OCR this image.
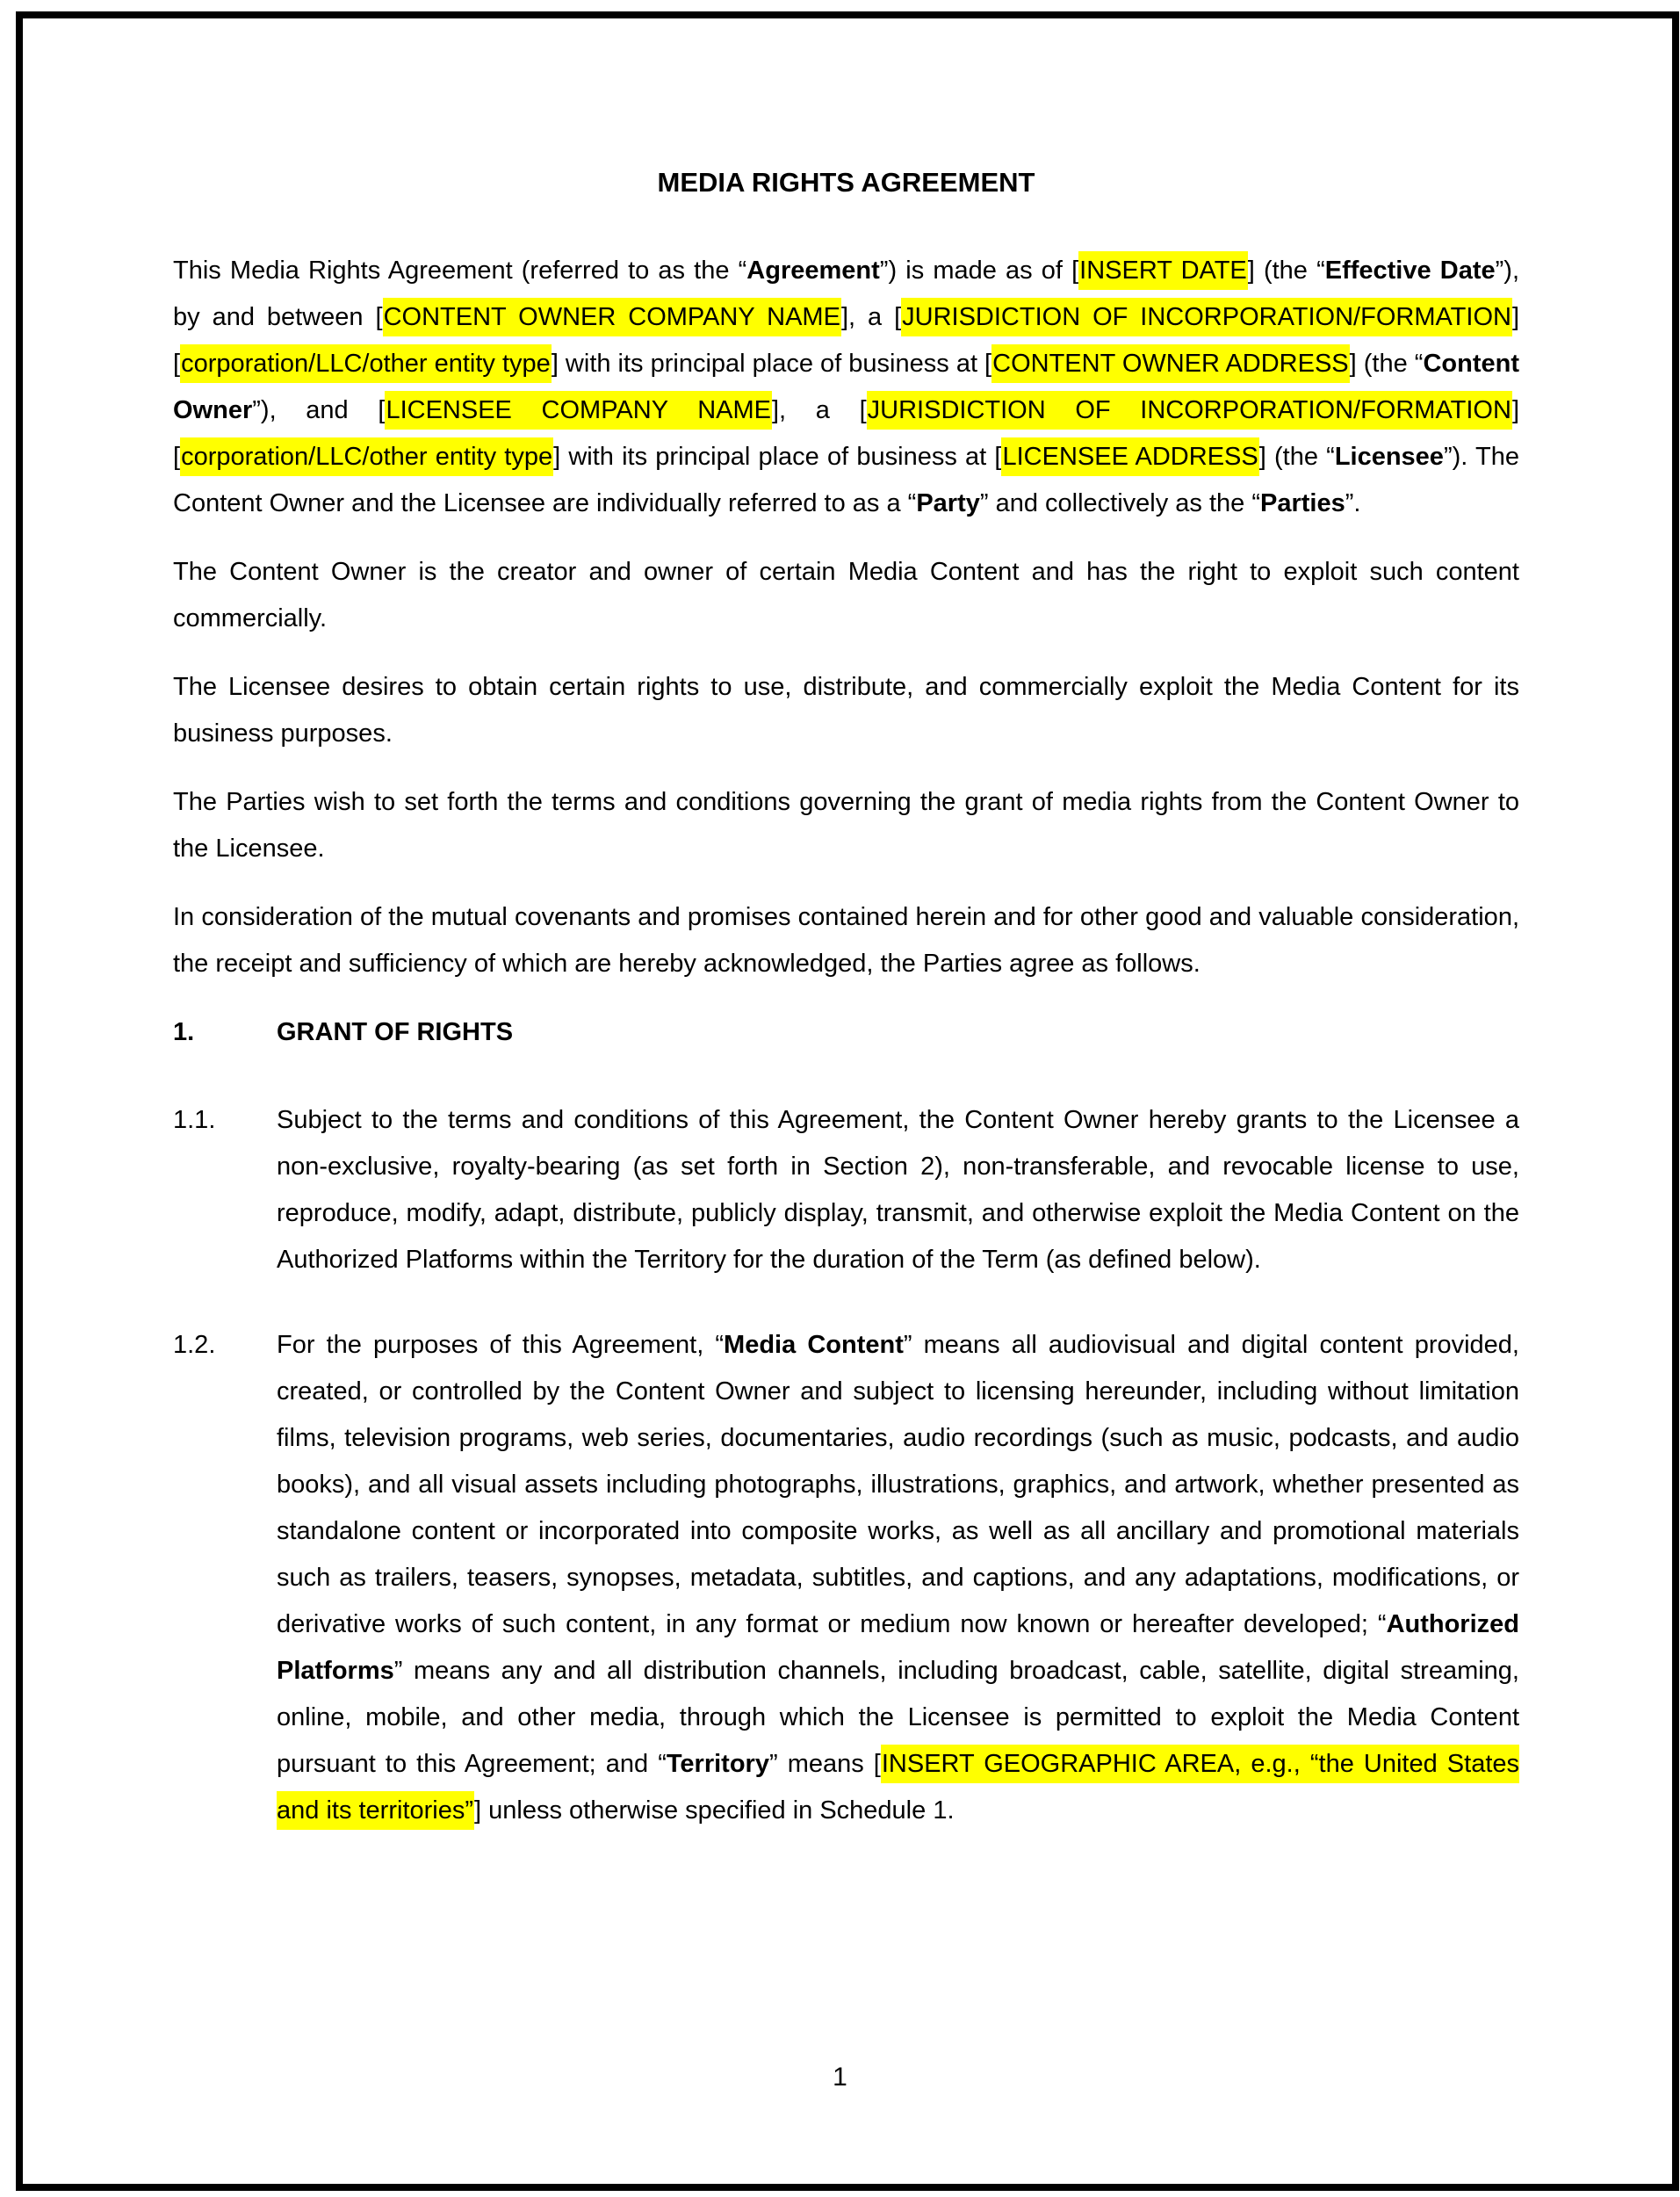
MEDIA RIGHTS AGREEMENT

This Media Rights Agreement (referred to as the “Agreement”) is made as of [INSERT DATE] (the “Effective Date”), by and between [CONTENT OWNER COMPANY NAME], a [JURISDICTION OF INCORPORATION/FORMATION] [corporation/LLC/other entity type] with its principal place of business at [CONTENT OWNER ADDRESS] (the “Content Owner”), and [LICENSEE COMPANY NAME], a [JURISDICTION OF INCORPORATION/FORMATION] [corporation/LLC/other entity type] with its principal place of business at [LICENSEE ADDRESS] (the “Licensee”). The Content Owner and the Licensee are individually referred to as a “Party” and collectively as the “Parties”.

The Content Owner is the creator and owner of certain Media Content and has the right to exploit such content commercially.

The Licensee desires to obtain certain rights to use, distribute, and commercially exploit the Media Content for its business purposes.

The Parties wish to set forth the terms and conditions governing the grant of media rights from the Content Owner to the Licensee.

In consideration of the mutual covenants and promises contained herein and for other good and valuable consideration, the receipt and sufficiency of which are hereby acknowledged, the Parties agree as follows.

1.	GRANT OF RIGHTS
1.1.	Subject to the terms and conditions of this Agreement, the Content Owner hereby grants to the Licensee a non-exclusive, royalty-bearing (as set forth in Section 2), non-transferable, and revocable license to use, reproduce, modify, adapt, distribute, publicly display, transmit, and otherwise exploit the Media Content on the Authorized Platforms within the Territory for the duration of the Term (as defined below).
1.2.	For the purposes of this Agreement, “Media Content” means all audiovisual and digital content provided, created, or controlled by the Content Owner and subject to licensing hereunder, including without limitation films, television programs, web series, documentaries, audio recordings (such as music, podcasts, and audio books), and all visual assets including photographs, illustrations, graphics, and artwork, whether presented as standalone content or incorporated into composite works, as well as all ancillary and promotional materials such as trailers, teasers, synopses, metadata, subtitles, and captions, and any adaptations, modifications, or derivative works of such content, in any format or medium now known or hereafter developed; “Authorized Platforms” means any and all distribution channels, including broadcast, cable, satellite, digital streaming, online, mobile, and other media, through which the Licensee is permitted to exploit the Media Content pursuant to this Agreement; and “Territory” means [INSERT GEOGRAPHIC AREA, e.g., “the United States and its territories”] unless otherwise specified in Schedule 1.
1
